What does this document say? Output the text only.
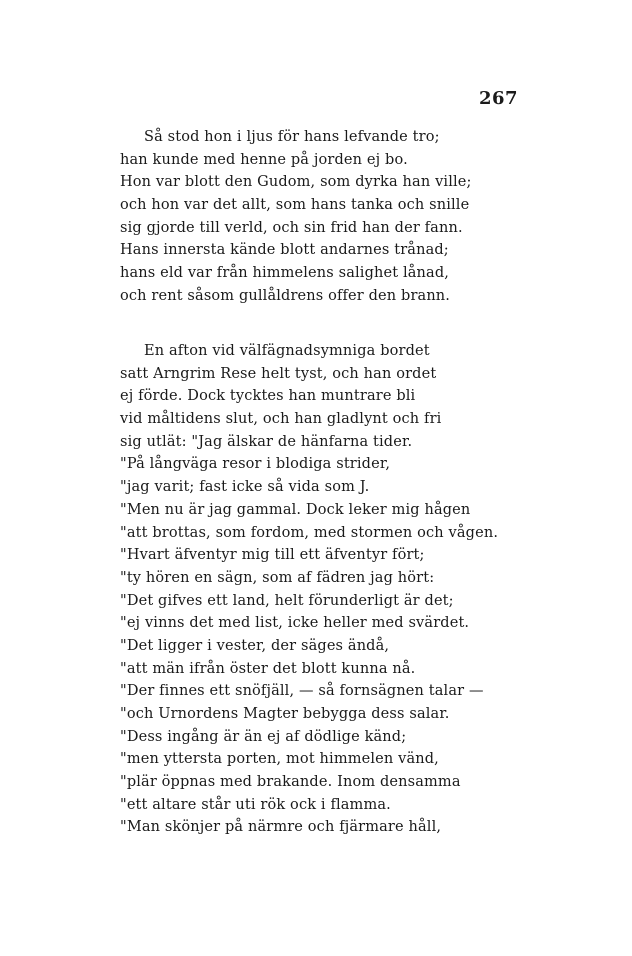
267
Så stod hon i ljus för hans lefvande tro;
han kunde med henne på jorden ej bo.
Hon var blott den Gudom, som dyrka han ville;
och hon var det allt, som hans tanka och snille
sig gjorde till verld, och sin frid han der fann.
Hans innersta kände blott andarnes trånad;
hans eld var från himmelens salighet lånad,
och rent såsom gullåldrens offer den brann.
En afton vid välfägnadsymniga bordet
satt Arngrim Rese helt tyst, och han ordet
ej förde. Dock tycktes han muntrare bli
vid måltidens slut, och han gladlynt och fri
sig utlät: "Jag älskar de hänfarna tider.
"På långväga resor i blodiga strider,
"jag varit; fast icke så vida som J.
"Men nu är jag gammal. Dock leker mig hågen
"att brottas, som fordom, med stormen och vågen.
"Hvart äfventyr mig till ett äfventyr fört;
"ty hören en sägn, som af fädren jag hört:
"Det gifves ett land, helt förunderligt är det;
"ej vinns det med list, icke heller med svärdet.
"Det ligger i vester, der säges ändå,
"att män ifrån öster det blott kunna nå.
"Der finnes ett snöfjäll, — så fornsägnen talar —
"och Urnordens Magter bebygga dess salar.
"Dess ingång är än ej af dödlige känd;
"men yttersta porten, mot himmelen vänd,
"plär öppnas med brakande. Inom densamma
"ett altare står uti rök ock i flamma.
"Man skönjer på närmre och fjärmare håll,
